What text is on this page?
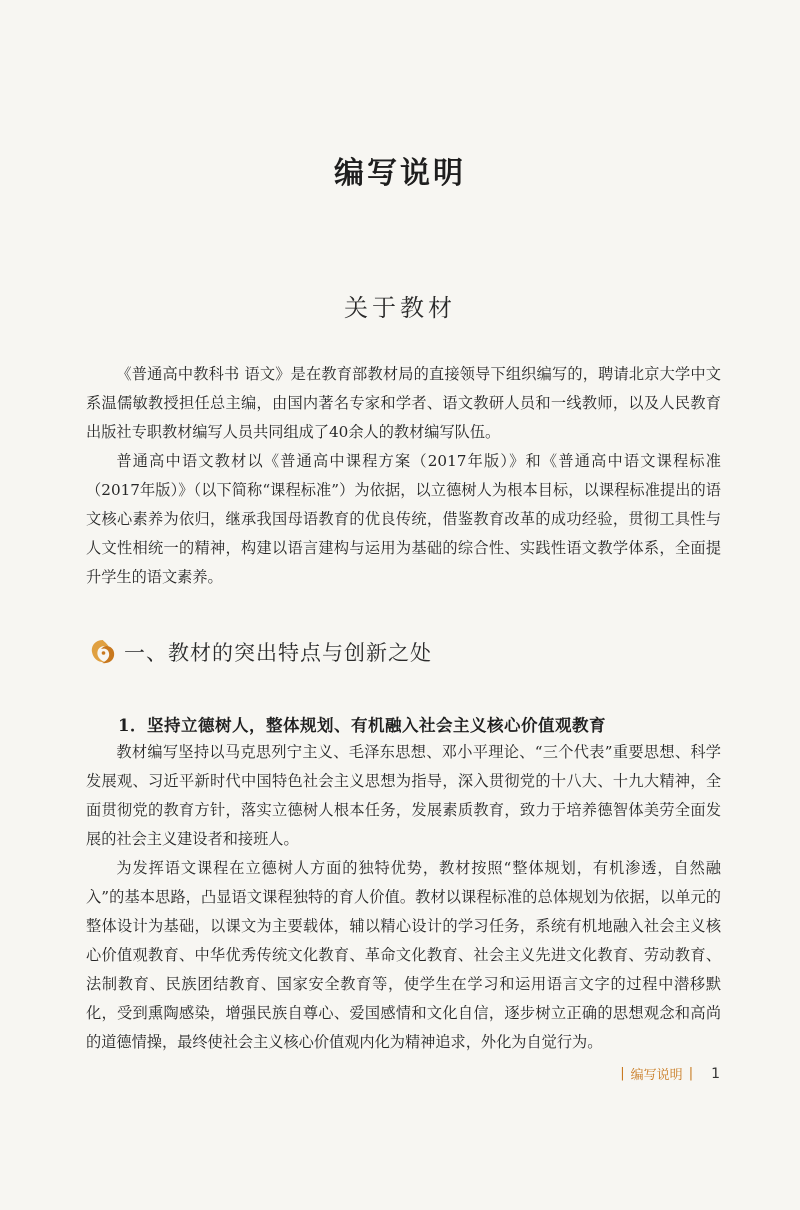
编写说明
关于教材

《普通高中教科书 语文》是在教育部教材局的直接领导下组织编写的，聘请北京大学中文系温儒敏教授担任总主编，由国内著名专家和学者、语文教研人员和一线教师，以及人民教育出版社专职教材编写人员共同组成了40余人的教材编写队伍。

普通高中语文教材以《普通高中课程方案（2017年版）》和《普通高中语文课程标准（2017年版）》（以下简称“课程标准”）为依据，以立德树人为根本目标，以课程标准提出的语文核心素养为依归，继承我国母语教育的优良传统，借鉴教育改革的成功经验，贯彻工具性与人文性相统一的精神，构建以语言建构与运用为基础的综合性、实践性语文教学体系，全面提升学生的语文素养。

一、教材的突出特点与创新之处
1．坚持立德树人，整体规划、有机融入社会主义核心价值观教育

教材编写坚持以马克思列宁主义、毛泽东思想、邓小平理论、“三个代表”重要思想、科学发展观、习近平新时代中国特色社会主义思想为指导，深入贯彻党的十八大、十九大精神，全面贯彻党的教育方针，落实立德树人根本任务，发展素质教育，致力于培养德智体美劳全面发展的社会主义建设者和接班人。

为发挥语文课程在立德树人方面的独特优势，教材按照“整体规划，有机渗透，自然融入”的基本思路，凸显语文课程独特的育人价值。教材以课程标准的总体规划为依据，以单元的整体设计为基础，以课文为主要载体，辅以精心设计的学习任务，系统有机地融入社会主义核心价值观教育、中华优秀传统文化教育、革命文化教育、社会主义先进文化教育、劳动教育、法制教育、民族团结教育、国家安全教育等，使学生在学习和运用语言文字的过程中潜移默化，受到熏陶感染，增强民族自尊心、爱国感情和文化自信，逐步树立正确的思想观念和高尚的道德情操，最终使社会主义核心价值观内化为精神追求，外化为自觉行为。

| 编写说明 | 1
